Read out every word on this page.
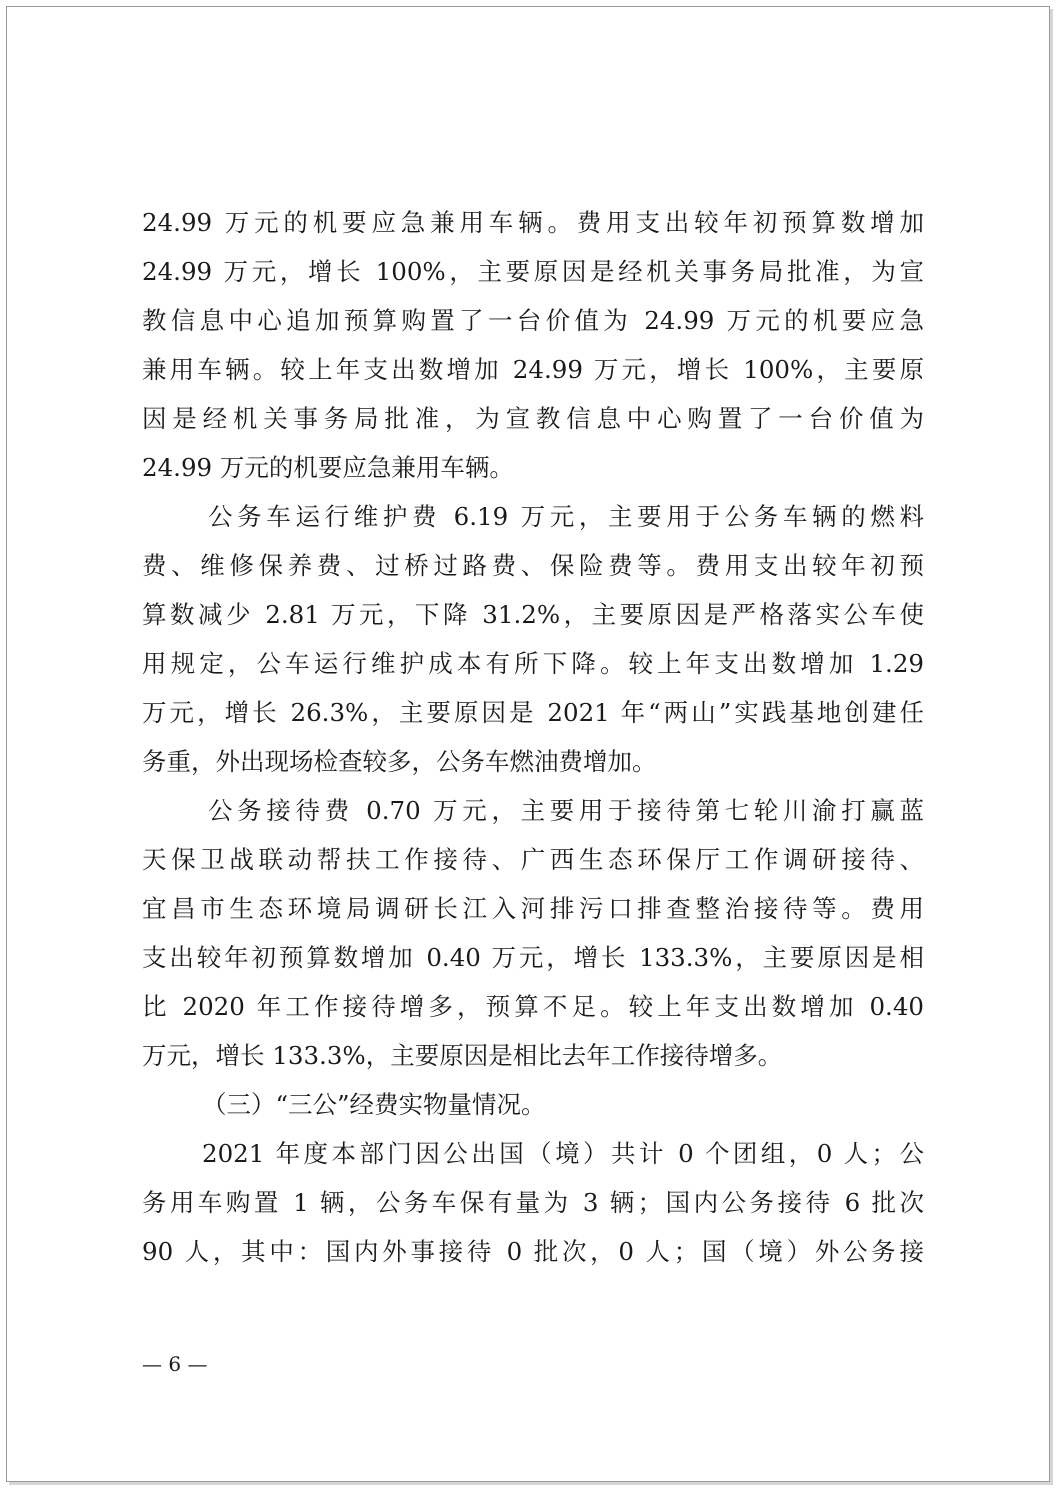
24.99 万元的机要应急兼用车辆。费用支出较年初预算数增加
24.99 万元，增长 100%，主要原因是经机关事务局批准，为宣
教信息中心追加预算购置了一台价值为 24.99 万元的机要应急
兼用车辆。较上年支出数增加 24.99 万元，增长 100%，主要原
因是经机关事务局批准，为宣教信息中心购置了一台价值为
24.99 万元的机要应急兼用车辆。
公务车运行维护费 6.19 万元，主要用于公务车辆的燃料
费、维修保养费、过桥过路费、保险费等。费用支出较年初预
算数减少 2.81 万元，下降 31.2%，主要原因是严格落实公车使
用规定，公车运行维护成本有所下降。较上年支出数增加 1.29
万元，增长 26.3%，主要原因是 2021 年“两山”实践基地创建任
务重，外出现场检查较多，公务车燃油费增加。
公务接待费 0.70 万元，主要用于接待第七轮川渝打赢蓝
天保卫战联动帮扶工作接待、广西生态环保厅工作调研接待、
宜昌市生态环境局调研长江入河排污口排查整治接待等。费用
支出较年初预算数增加 0.40 万元，增长 133.3%，主要原因是相
比 2020 年工作接待增多，预算不足。较上年支出数增加 0.40
万元，增长 133.3%，主要原因是相比去年工作接待增多。
（三）“三公”经费实物量情况。
2021 年度本部门因公出国（境）共计 0 个团组，0 人；公
务用车购置 1 辆，公务车保有量为 3 辆；国内公务接待 6 批次
90 人，其中：国内外事接待 0 批次，0 人；国（境）外公务接
— 6 —
